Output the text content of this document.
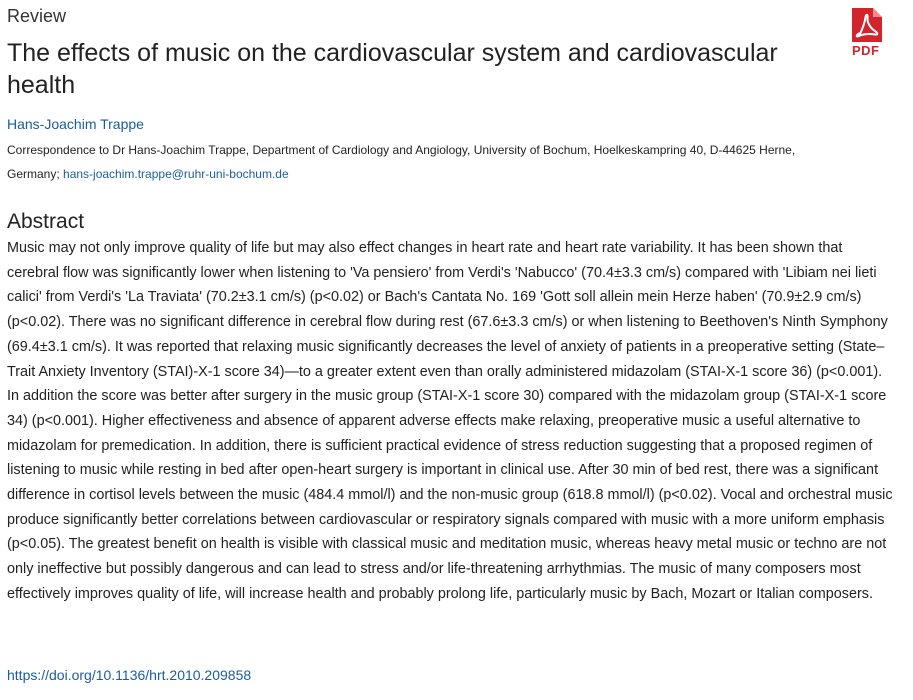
Review
The effects of music on the cardiovascular system and cardiovascular health
PDF
Hans-Joachim Trappe
Correspondence to Dr Hans-Joachim Trappe, Department of Cardiology and Angiology, University of Bochum, Hoelkeskampring 40, D-44625 Herne, Germany; hans-joachim.trappe@ruhr-uni-bochum.de
Abstract

Music may not only improve quality of life but may also effect changes in heart rate and heart rate variability. It has been shown that cerebral flow was significantly lower when listening to 'Va pensiero' from Verdi's 'Nabucco' (70.4±3.3 cm/s) compared with 'Libiam nei lieti calici' from Verdi's 'La Traviata' (70.2±3.1 cm/s) (p<0.02) or Bach's Cantata No. 169 'Gott soll allein mein Herze haben' (70.9±2.9 cm/s) (p<0.02). There was no significant difference in cerebral flow during rest (67.6±3.3 cm/s) or when listening to Beethoven's Ninth Symphony (69.4±3.1 cm/s). It was reported that relaxing music significantly decreases the level of anxiety of patients in a preoperative setting (State–Trait Anxiety Inventory (STAI)-X-1 score 34)—to a greater extent even than orally administered midazolam (STAI-X-1 score 36) (p<0.001). In addition the score was better after surgery in the music group (STAI-X-1 score 30) compared with the midazolam group (STAI-X-1 score 34) (p<0.001). Higher effectiveness and absence of apparent adverse effects make relaxing, preoperative music a useful alternative to midazolam for premedication. In addition, there is sufficient practical evidence of stress reduction suggesting that a proposed regimen of listening to music while resting in bed after open-heart surgery is important in clinical use. After 30 min of bed rest, there was a significant difference in cortisol levels between the music (484.4 mmol/l) and the non-music group (618.8 mmol/l) (p<0.02). Vocal and orchestral music produce significantly better correlations between cardiovascular or respiratory signals compared with music with a more uniform emphasis (p<0.05). The greatest benefit on health is visible with classical music and meditation music, whereas heavy metal music or techno are not only ineffective but possibly dangerous and can lead to stress and/or life-threatening arrhythmias. The music of many composers most effectively improves quality of life, will increase health and probably prolong life, particularly music by Bach, Mozart or Italian composers.

https://doi.org/10.1136/hrt.2010.209858
